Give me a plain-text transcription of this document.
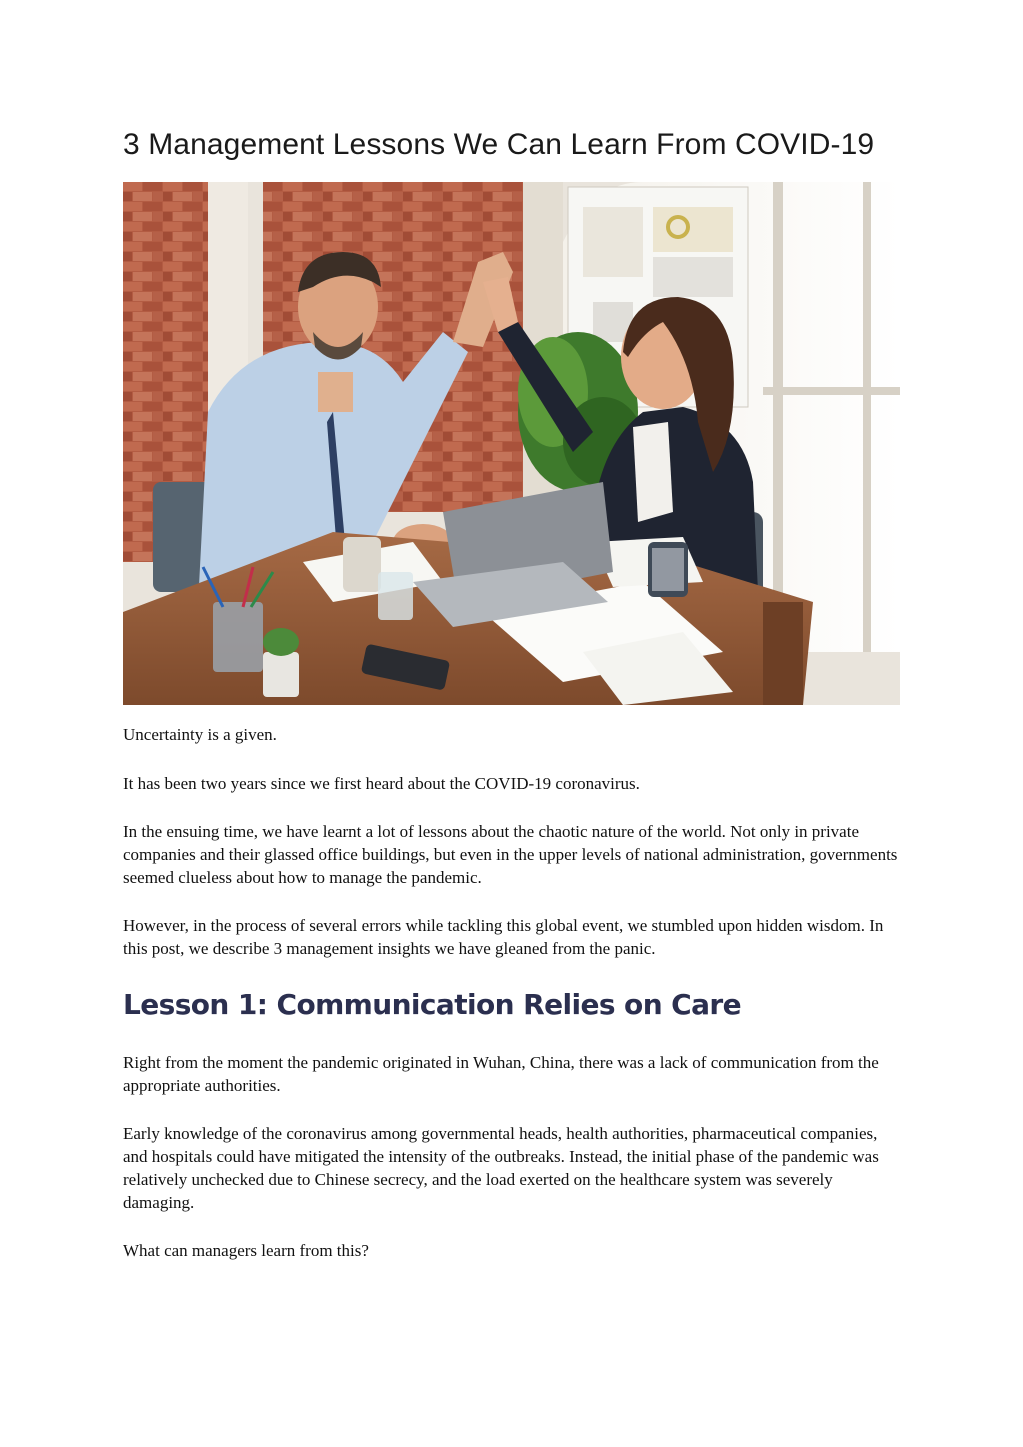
3 Management Lessons We Can Learn From COVID-19

Uncertainty is a given.

It has been two years since we first heard about the COVID-19 coronavirus.

In the ensuing time, we have learnt a lot of lessons about the chaotic nature of the world. Not only in private companies and their glassed office buildings, but even in the upper levels of national administration, governments seemed clueless about how to manage the pandemic.

However, in the process of several errors while tackling this global event, we stumbled upon hidden wisdom. In this post, we describe 3 management insights we have gleaned from the panic.

Lesson 1: Communication Relies on Care

Right from the moment the pandemic originated in Wuhan, China, there was a lack of communication from the appropriate authorities.

Early knowledge of the coronavirus among governmental heads, health authorities, pharmaceutical companies, and hospitals could have mitigated the intensity of the outbreaks. Instead, the initial phase of the pandemic was relatively unchecked due to Chinese secrecy, and the load exerted on the healthcare system was severely damaging.

What can managers learn from this?
